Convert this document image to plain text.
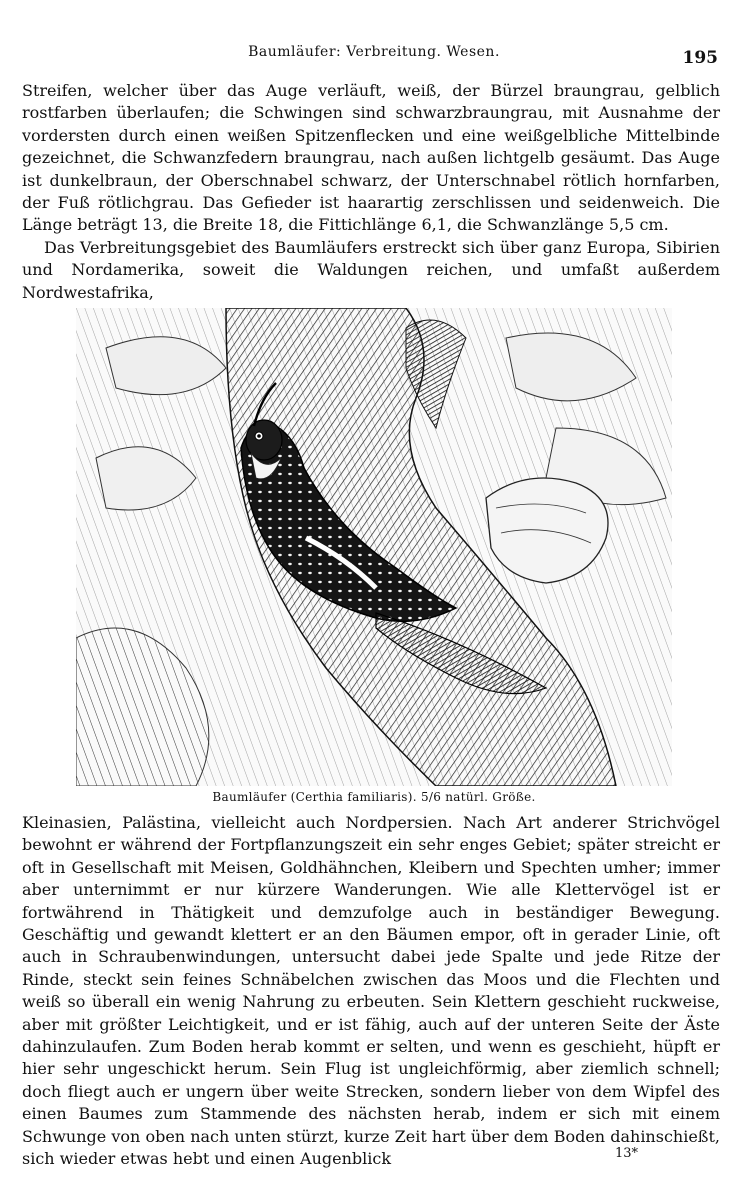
Baumläufer: Verbreitung. Wesen.	195

Streifen, welcher über das Auge verläuft, weiß, der Bürzel braungrau, gelblich rostfarben überlaufen; die Schwingen sind schwarzbraungrau, mit Ausnahme der vordersten durch einen weißen Spitzenflecken und eine weißgelbliche Mittelbinde gezeichnet, die Schwanzfedern braungrau, nach außen lichtgelb gesäumt. Das Auge ist dunkelbraun, der Oberschnabel schwarz, der Unterschnabel rötlich hornfarben, der Fuß rötlichgrau. Das Gefieder ist haarartig zerschlissen und seidenweich. Die Länge beträgt 13, die Breite 18, die Fittichlänge 6,1, die Schwanzlänge 5,5 cm.

Das Verbreitungsgebiet des Baumläufers erstreckt sich über ganz Europa, Sibirien und Nordamerika, soweit die Waldungen reichen, und umfaßt außerdem Nordwestafrika,

Baumläufer (Certhia familiaris). 5/6 natürl. Größe.

Kleinasien, Palästina, vielleicht auch Nordpersien. Nach Art anderer Strichvögel bewohnt er während der Fortpflanzungszeit ein sehr enges Gebiet; später streicht er oft in Gesellschaft mit Meisen, Goldhähnchen, Kleibern und Spechten umher; immer aber unternimmt er nur kürzere Wanderungen. Wie alle Klettervögel ist er fortwährend in Thätigkeit und demzufolge auch in beständiger Bewegung. Geschäftig und gewandt klettert er an den Bäumen empor, oft in gerader Linie, oft auch in Schraubenwindungen, untersucht dabei jede Spalte und jede Ritze der Rinde, steckt sein feines Schnäbelchen zwischen das Moos und die Flechten und weiß so überall ein wenig Nahrung zu erbeuten. Sein Klettern geschieht ruckweise, aber mit größter Leichtigkeit, und er ist fähig, auch auf der unteren Seite der Äste dahinzulaufen. Zum Boden herab kommt er selten, und wenn es geschieht, hüpft er hier sehr ungeschickt herum. Sein Flug ist ungleichförmig, aber ziemlich schnell; doch fliegt auch er ungern über weite Strecken, sondern lieber von dem Wipfel des einen Baumes zum Stammende des nächsten herab, indem er sich mit einem Schwunge von oben nach unten stürzt, kurze Zeit hart über dem Boden dahinschießt, sich wieder etwas hebt und einen Augenblick	13*
